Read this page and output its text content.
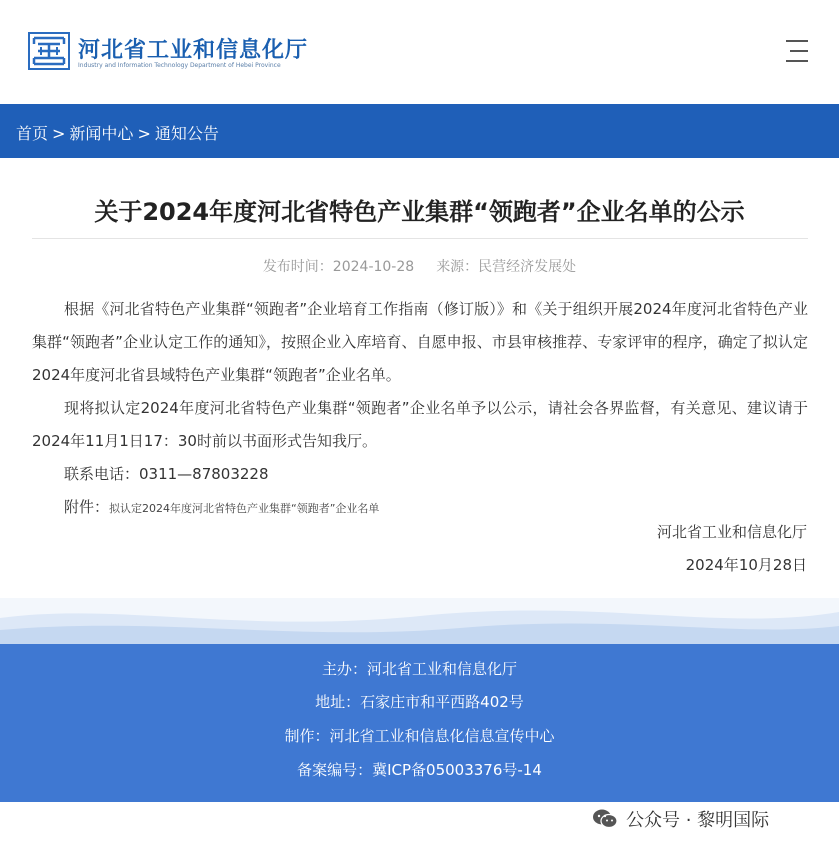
河北省工业和信息化厅
Industry and Information Technology Department of Hebei Province
首页 > 新闻中心 > 通知公告
关于2024年度河北省特色产业集群“领跑者”企业名单的公示
发布时间：2024-10-28 来源：民营经济发展处

根据《河北省特色产业集群“领跑者”企业培育工作指南（修订版）》和《关于组织开展2024年度河北省特色产业集群“领跑者”企业认定工作的通知》，按照企业入库培育、自愿申报、市县审核推荐、专家评审的程序，确定了拟认定2024年度河北省县域特色产业集群“领跑者”企业名单。

现将拟认定2024年度河北省特色产业集群“领跑者”企业名单予以公示，请社会各界监督，有关意见、建议请于2024年11月1日17：30时前以书面形式告知我厅。

联系电话：0311—87803228
附件：拟认定2024年度河北省特色产业集群“领跑者”企业名单
河北省工业和信息化厅
2024年10月28日
主办：河北省工业和信息化厅
地址：石家庄市和平西路402号
制作：河北省工业和信息化信息宣传中心
备案编号：冀ICP备05003376号-14
公众号 · 黎明国际
